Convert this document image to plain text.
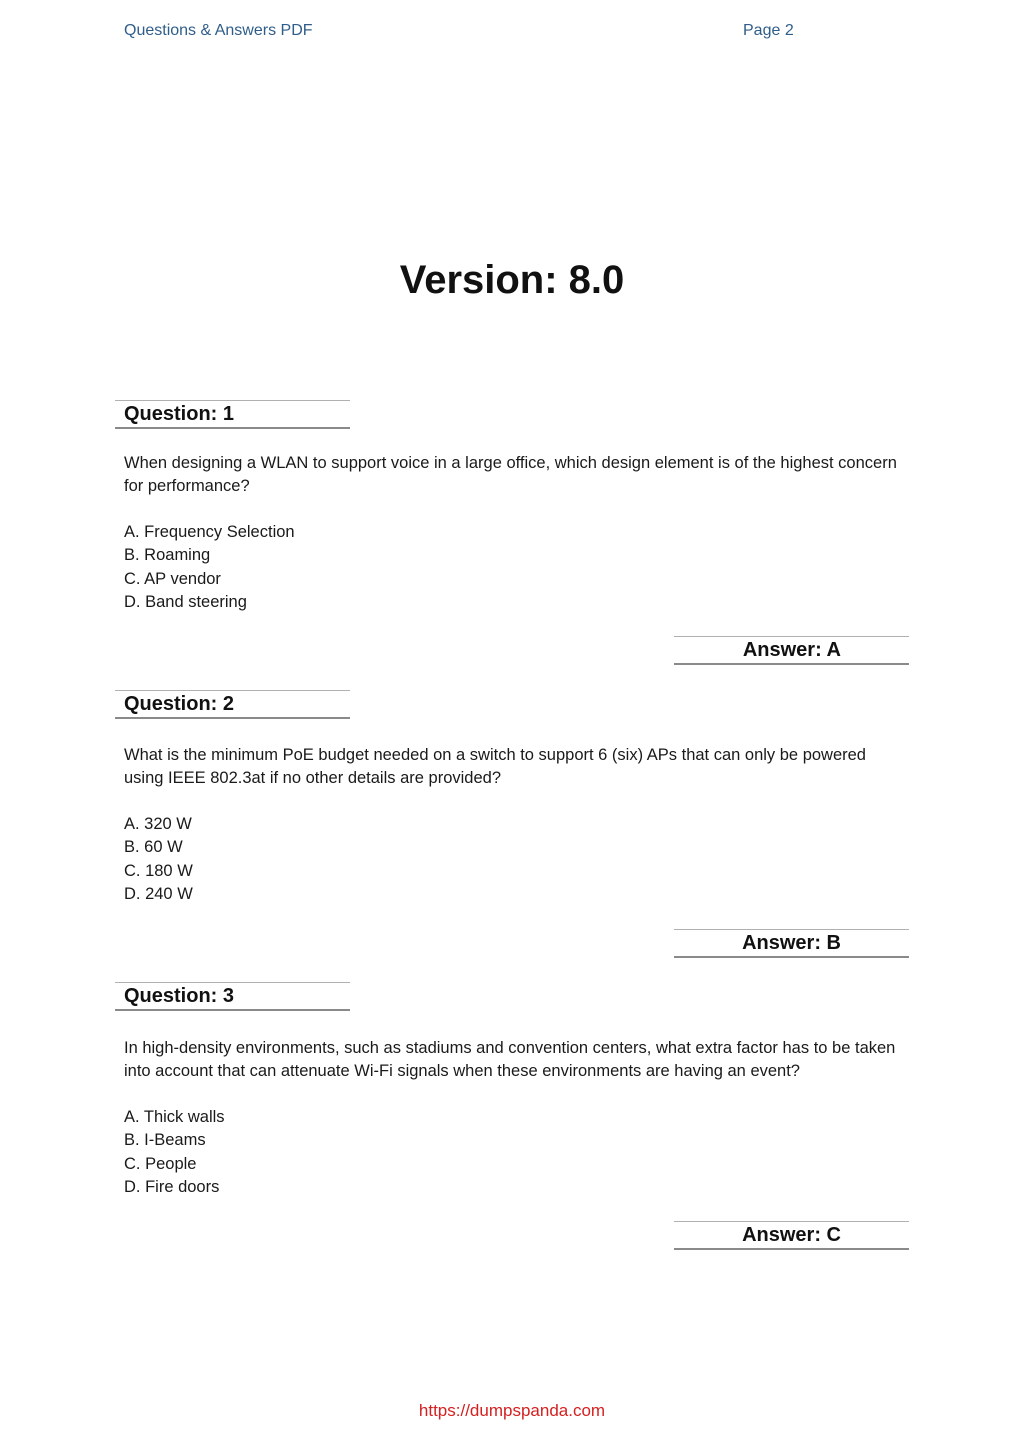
Questions & Answers PDF	Page 2
Version: 8.0
Question: 1
When designing a WLAN to support voice in a large office, which design element is of the highest concern for performance?
A. Frequency Selection
B. Roaming
C. AP vendor
D. Band steering
Answer: A
Question: 2
What is the minimum PoE budget needed on a switch to support 6 (six) APs that can only be powered using IEEE 802.3at if no other details are provided?
A. 320 W
B. 60 W
C. 180 W
D. 240 W
Answer: B
Question: 3
In high-density environments, such as stadiums and convention centers, what extra factor has to be taken into account that can attenuate Wi-Fi signals when these environments are having an event?
A. Thick walls
B. I-Beams
C. People
D. Fire doors
Answer: C
https://dumpspanda.com
